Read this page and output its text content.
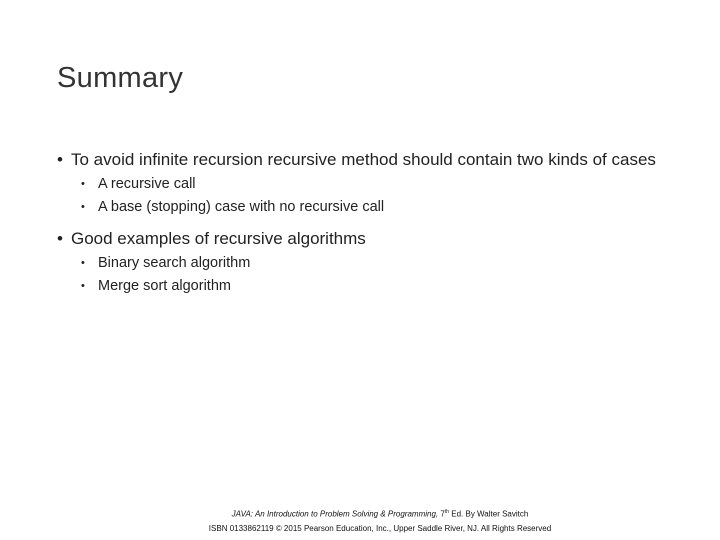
Summary
• To avoid infinite recursion recursive method should contain two kinds of cases
• A recursive call
• A base (stopping) case with no recursive call
• Good examples of recursive algorithms
• Binary search algorithm
• Merge sort algorithm
JAVA: An Introduction to Problem Solving & Programming, 7th Ed. By Walter Savitch
ISBN 0133862119 © 2015 Pearson Education, Inc., Upper Saddle River, NJ. All Rights Reserved
